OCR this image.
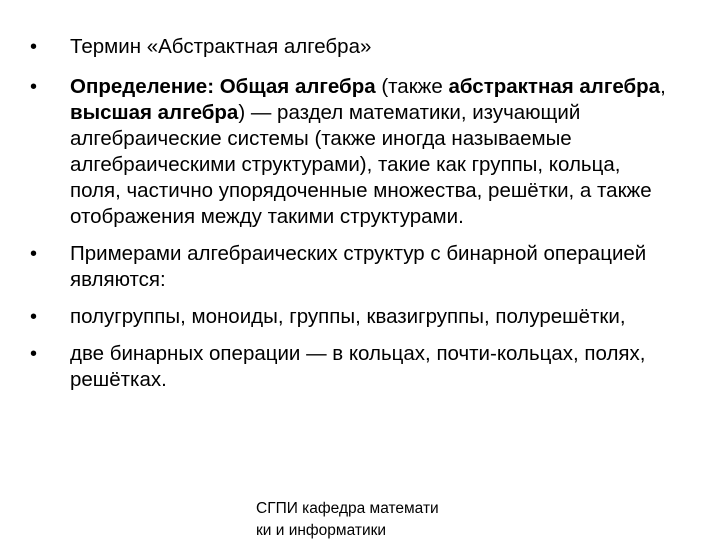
• Термин «Абстрактная алгебра»
• Определение: Общая алгебра (также абстрактная алгебра, высшая алгебра) — раздел математики, изучающий алгебраические системы (также иногда называемые алгебраическими структурами), такие как группы, кольца, поля, частично упорядоченные множества, решётки, а также отображения между такими структурами.
• Примерами алгебраических структур с бинарной операцией являются:
• полугруппы, моноиды, группы, квазигруппы, полурешётки,
• две бинарных операции — в кольцах, почти-кольцах, полях, решётках.
СГПИ кафедра математи
ки и информатики
